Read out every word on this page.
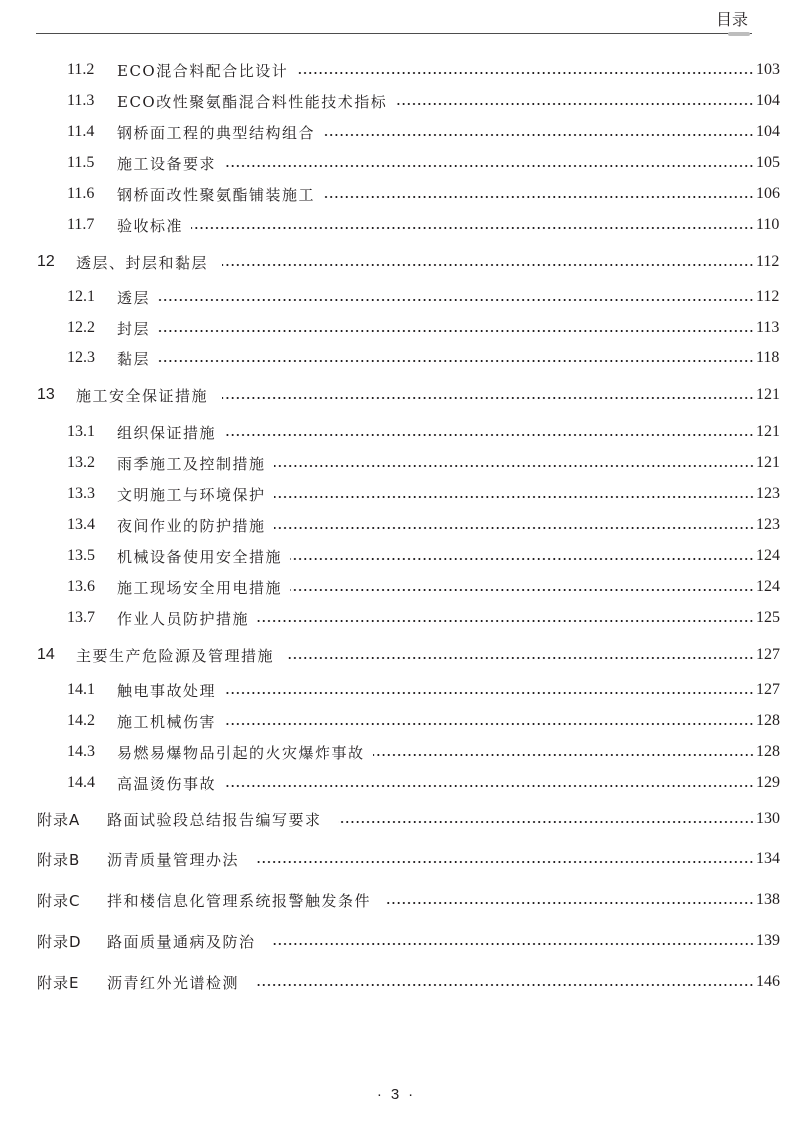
目录
11.2	ECO混合料配合比设计	103
11.3	ECO改性聚氨酯混合料性能技术指标	104
11.4	钢桥面工程的典型结构组合	104
11.5	施工设备要求	105
11.6	钢桥面改性聚氨酯铺装施工	106
11.7	验收标准	110
12	透层、封层和黏层	112
12.1	透层	112
12.2	封层	113
12.3	黏层	118
13	施工安全保证措施	121
13.1	组织保证措施	121
13.2	雨季施工及控制措施	121
13.3	文明施工与环境保护	123
13.4	夜间作业的防护措施	123
13.5	机械设备使用安全措施	124
13.6	施工现场安全用电措施	124
13.7	作业人员防护措施	125
14	主要生产危险源及管理措施	127
14.1	触电事故处理	127
14.2	施工机械伤害	128
14.3	易燃易爆物品引起的火灾爆炸事故	128
14.4	高温烫伤事故	129
附录A	路面试验段总结报告编写要求	130
附录B	沥青质量管理办法	134
附录C	拌和楼信息化管理系统报警触发条件	138
附录D	路面质量通病及防治	139
附录E	沥青红外光谱检测	146
· 3 ·
